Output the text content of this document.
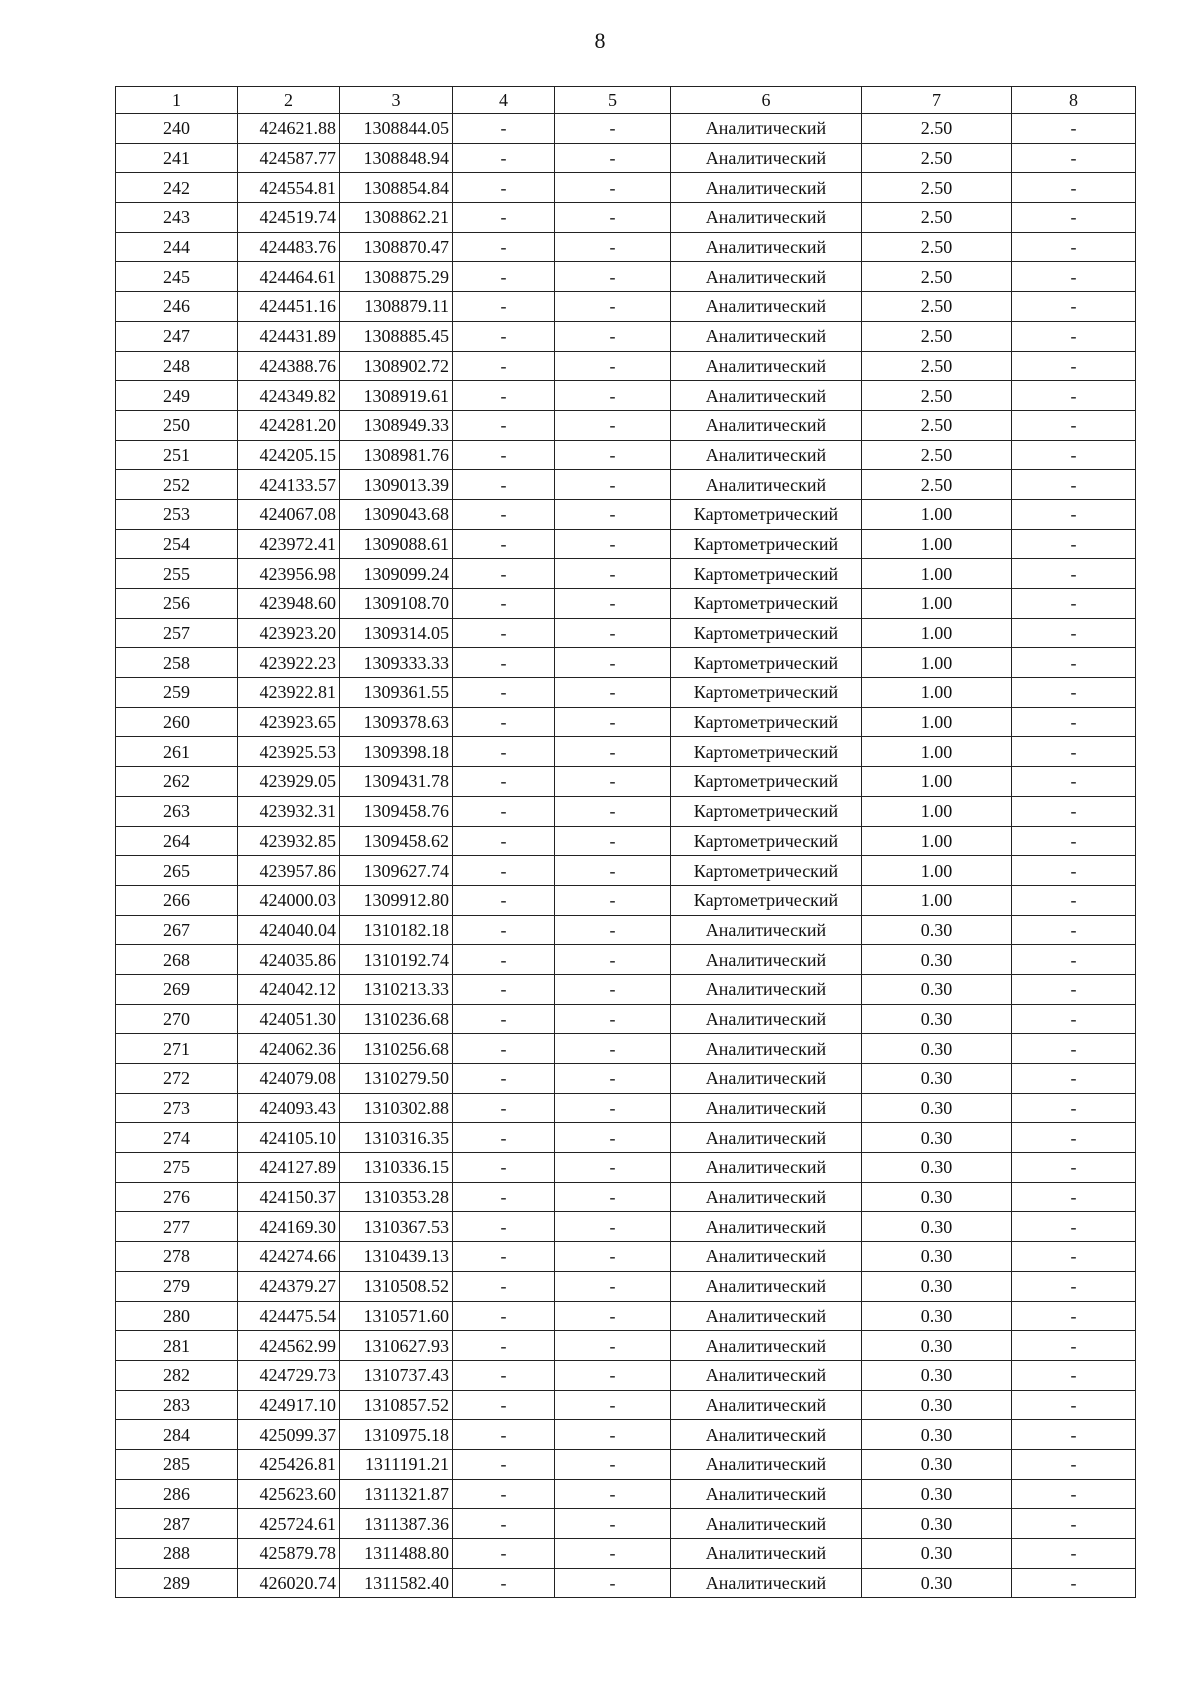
8
1	2	3	4	5	6	7	8
240	424621.88	1308844.05	-	-	Аналитический	2.50	-
241	424587.77	1308848.94	-	-	Аналитический	2.50	-
242	424554.81	1308854.84	-	-	Аналитический	2.50	-
243	424519.74	1308862.21	-	-	Аналитический	2.50	-
244	424483.76	1308870.47	-	-	Аналитический	2.50	-
245	424464.61	1308875.29	-	-	Аналитический	2.50	-
246	424451.16	1308879.11	-	-	Аналитический	2.50	-
247	424431.89	1308885.45	-	-	Аналитический	2.50	-
248	424388.76	1308902.72	-	-	Аналитический	2.50	-
249	424349.82	1308919.61	-	-	Аналитический	2.50	-
250	424281.20	1308949.33	-	-	Аналитический	2.50	-
251	424205.15	1308981.76	-	-	Аналитический	2.50	-
252	424133.57	1309013.39	-	-	Аналитический	2.50	-
253	424067.08	1309043.68	-	-	Картометрический	1.00	-
254	423972.41	1309088.61	-	-	Картометрический	1.00	-
255	423956.98	1309099.24	-	-	Картометрический	1.00	-
256	423948.60	1309108.70	-	-	Картометрический	1.00	-
257	423923.20	1309314.05	-	-	Картометрический	1.00	-
258	423922.23	1309333.33	-	-	Картометрический	1.00	-
259	423922.81	1309361.55	-	-	Картометрический	1.00	-
260	423923.65	1309378.63	-	-	Картометрический	1.00	-
261	423925.53	1309398.18	-	-	Картометрический	1.00	-
262	423929.05	1309431.78	-	-	Картометрический	1.00	-
263	423932.31	1309458.76	-	-	Картометрический	1.00	-
264	423932.85	1309458.62	-	-	Картометрический	1.00	-
265	423957.86	1309627.74	-	-	Картометрический	1.00	-
266	424000.03	1309912.80	-	-	Картометрический	1.00	-
267	424040.04	1310182.18	-	-	Аналитический	0.30	-
268	424035.86	1310192.74	-	-	Аналитический	0.30	-
269	424042.12	1310213.33	-	-	Аналитический	0.30	-
270	424051.30	1310236.68	-	-	Аналитический	0.30	-
271	424062.36	1310256.68	-	-	Аналитический	0.30	-
272	424079.08	1310279.50	-	-	Аналитический	0.30	-
273	424093.43	1310302.88	-	-	Аналитический	0.30	-
274	424105.10	1310316.35	-	-	Аналитический	0.30	-
275	424127.89	1310336.15	-	-	Аналитический	0.30	-
276	424150.37	1310353.28	-	-	Аналитический	0.30	-
277	424169.30	1310367.53	-	-	Аналитический	0.30	-
278	424274.66	1310439.13	-	-	Аналитический	0.30	-
279	424379.27	1310508.52	-	-	Аналитический	0.30	-
280	424475.54	1310571.60	-	-	Аналитический	0.30	-
281	424562.99	1310627.93	-	-	Аналитический	0.30	-
282	424729.73	1310737.43	-	-	Аналитический	0.30	-
283	424917.10	1310857.52	-	-	Аналитический	0.30	-
284	425099.37	1310975.18	-	-	Аналитический	0.30	-
285	425426.81	1311191.21	-	-	Аналитический	0.30	-
286	425623.60	1311321.87	-	-	Аналитический	0.30	-
287	425724.61	1311387.36	-	-	Аналитический	0.30	-
288	425879.78	1311488.80	-	-	Аналитический	0.30	-
289	426020.74	1311582.40	-	-	Аналитический	0.30	-
